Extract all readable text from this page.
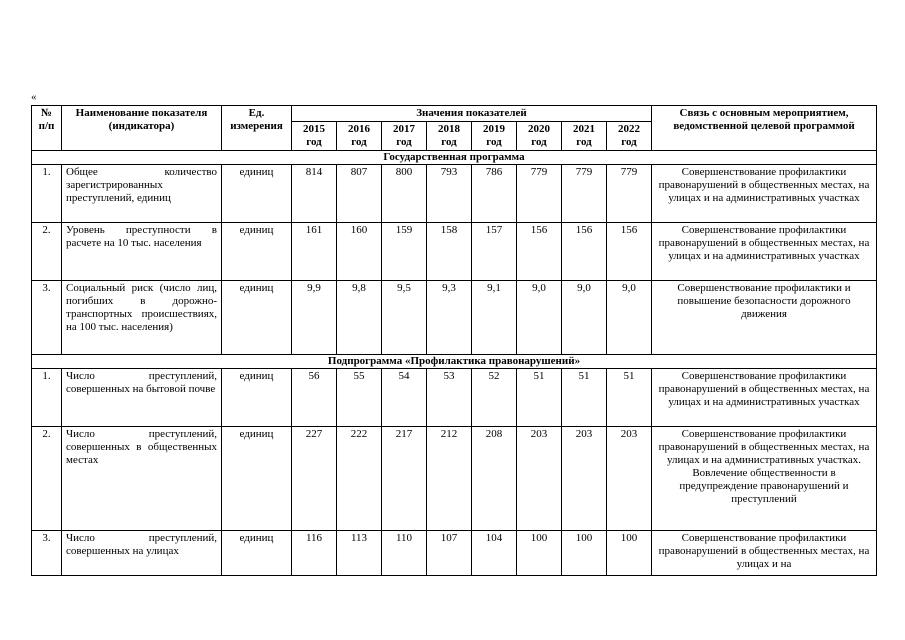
«
№ п/п	Наименование показателя (индикатора)	Ед. измерения	Значения показателей								Связь с основным мероприятием, ведомственной целевой программой
			2015 год	2016 год	2017 год	2018 год	2019 год	2020 год	2021 год	2022 год	
Государственная программа											
1.	Общее количество зарегистрированных преступлений, единиц	единиц	814	807	800	793	786	779	779	779	Совершенствование профилактики правонарушений в общественных местах, на улицах и на административных участках
2.	Уровень преступности в расчете на 10 тыс. населения	единиц	161	160	159	158	157	156	156	156	Совершенствование профилактики правонарушений в общественных местах, на улицах и на административных участках
3.	Социальный риск (число лиц, погибших в дорожно-транспортных происшествиях, на 100 тыс. населения)	единиц	9,9	9,8	9,5	9,3	9,1	9,0	9,0	9,0	Совершенствование профилактики и повышение безопасности дорожного движения
Подпрограмма «Профилактика правонарушений»											
1.	Число преступлений, совершенных на бытовой почве	единиц	56	55	54	53	52	51	51	51	Совершенствование профилактики правонарушений в общественных местах, на улицах и на административных участках
2.	Число преступлений, совершенных в общественных местах	единиц	227	222	217	212	208	203	203	203	Совершенствование профилактики правонарушений в общественных местах, на улицах и на административных участках. Вовлечение общественности в предупреждение правонарушений и преступлений
3.	Число преступлений, совершенных на улицах	единиц	116	113	110	107	104	100	100	100	Совершенствование профилактики правонарушений в общественных местах, на улицах и на
